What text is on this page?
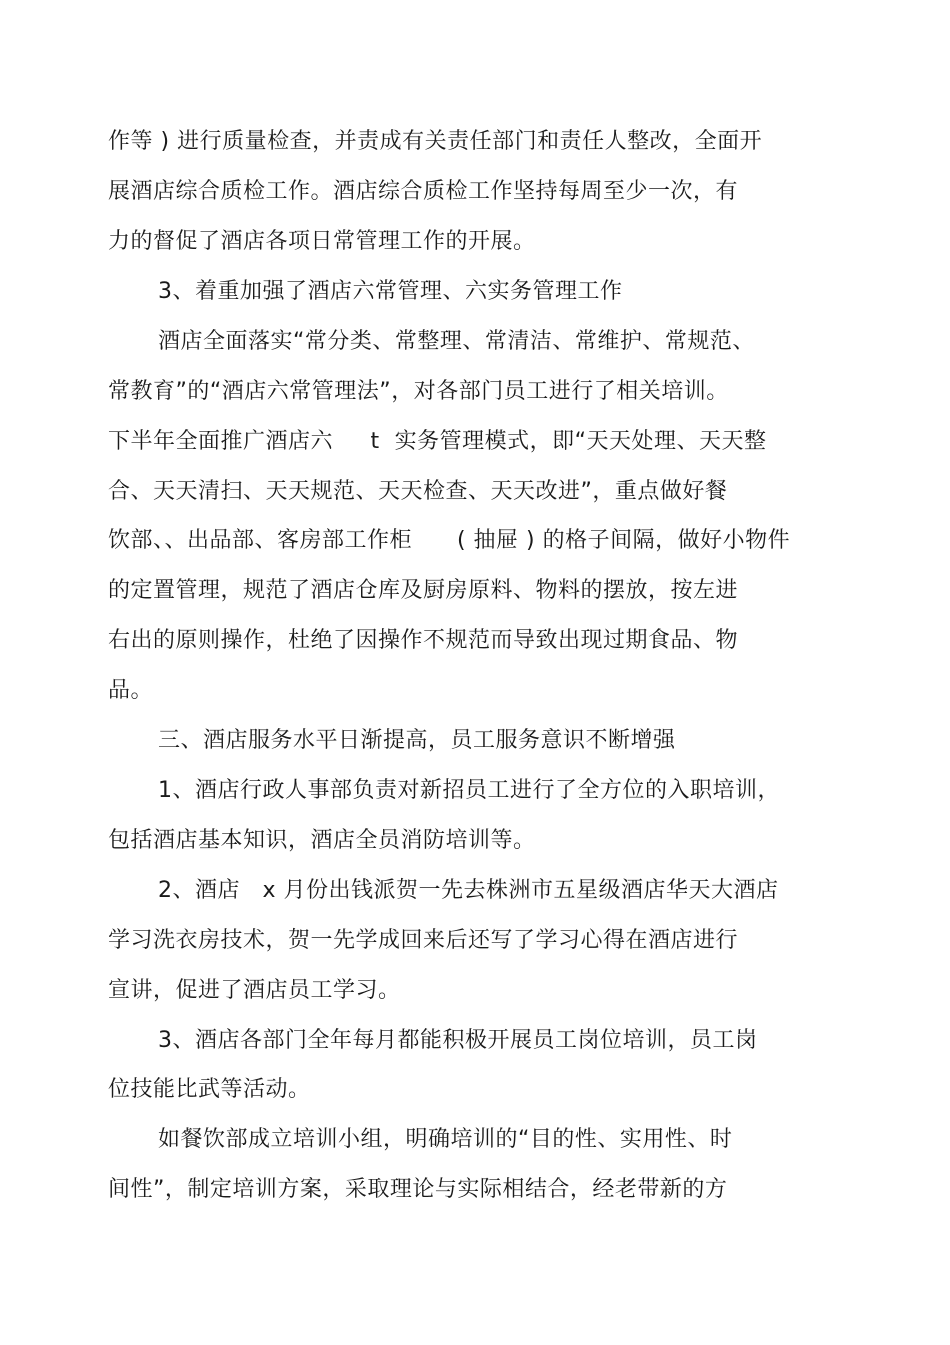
作等 ) 进行质量检查，并责成有关责任部门和责任人整改，全面开
展酒店综合质检工作。酒店综合质检工作坚持每周至少一次，有
力的督促了酒店各项日常管理工作的开展。
3、着重加强了酒店六常管理、六实务管理工作
酒店全面落实“常分类、常整理、常清洁、常维护、常规范、
常教育”的“酒店六常管理法”，对各部门员工进行了相关培训。
下半年全面推广酒店六     t  实务管理模式，即“天天处理、天天整
合、天天清扫、天天规范、天天检查、天天改进”，重点做好餐
饮部、、出品部、客房部工作柜      ( 抽屉 ) 的格子间隔，做好小物件
的定置管理，规范了酒店仓库及厨房原料、物料的摆放，按左进
右出的原则操作，杜绝了因操作不规范而导致出现过期食品、物
品。
三、酒店服务水平日渐提高，员工服务意识不断增强
1、酒店行政人事部负责对新招员工进行了全方位的入职培训，
包括酒店基本知识，酒店全员消防培训等。
2、酒店   x 月份出钱派贺一先去株洲市五星级酒店华天大酒店
学习洗衣房技术，贺一先学成回来后还写了学习心得在酒店进行
宣讲，促进了酒店员工学习。
3、酒店各部门全年每月都能积极开展员工岗位培训，员工岗
位技能比武等活动。
如餐饮部成立培训小组，明确培训的“目的性、实用性、时
间性”，制定培训方案，采取理论与实际相结合，经老带新的方
